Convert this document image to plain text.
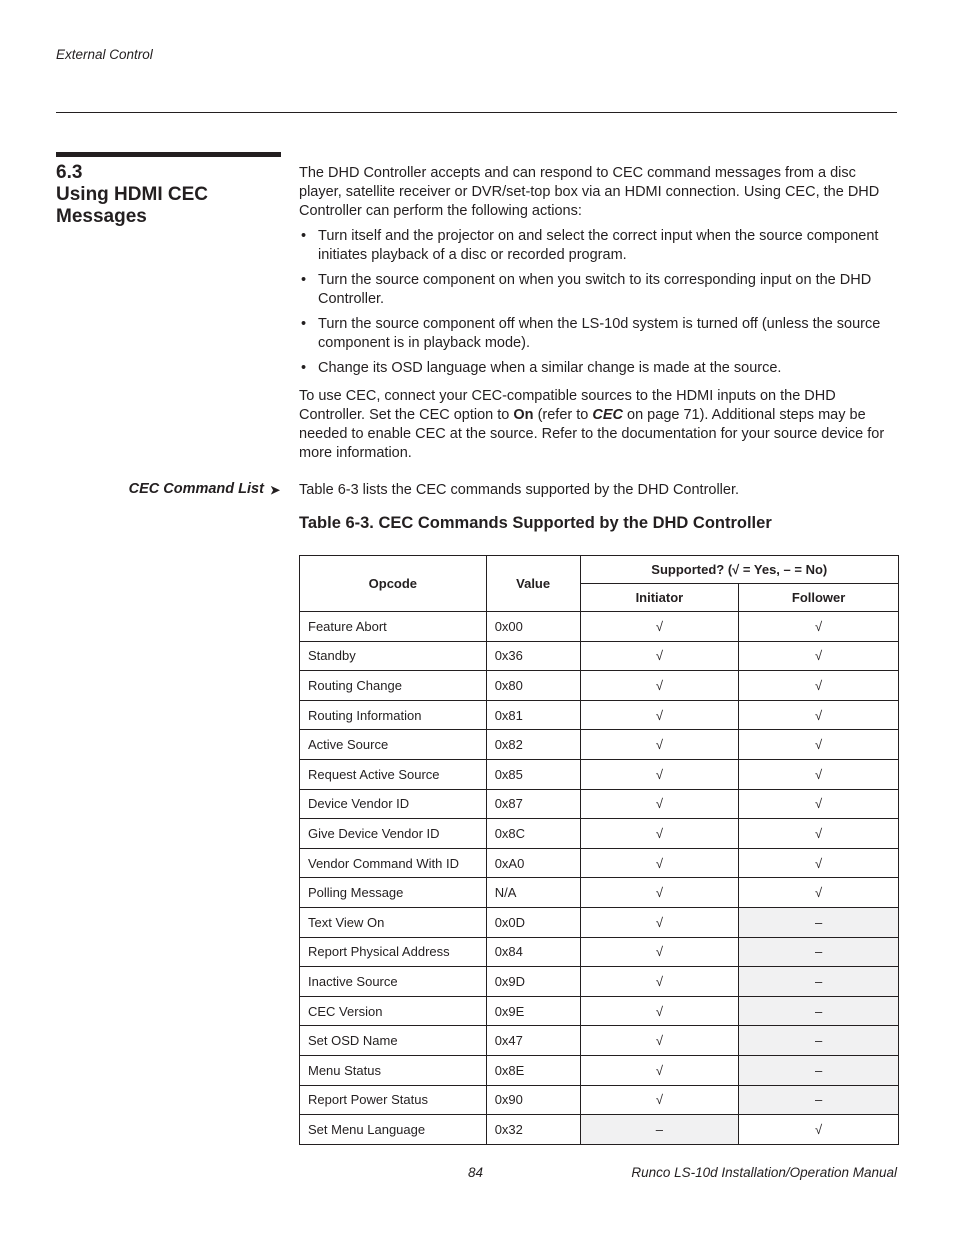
External Control
6.3
Using HDMI CEC Messages
The DHD Controller accepts and can respond to CEC command messages from a disc player, satellite receiver or DVR/set-top box via an HDMI connection. Using CEC, the DHD Controller can perform the following actions:
• Turn itself and the projector on and select the correct input when the source component initiates playback of a disc or recorded program.
• Turn the source component on when you switch to its corresponding input on the DHD Controller.
• Turn the source component off when the LS-10d system is turned off (unless the source component is in playback mode).
• Change its OSD language when a similar change is made at the source.
To use CEC, connect your CEC-compatible sources to the HDMI inputs on the DHD Controller. Set the CEC option to On (refer to CEC on page 71). Additional steps may be needed to enable CEC at the source. Refer to the documentation for your source device for more information.
CEC Command List ➤ Table 6-3 lists the CEC commands supported by the DHD Controller.
Table 6-3. CEC Commands Supported by the DHD Controller
Opcode	Value	Supported? (√ = Yes, – = No)	
		Initiator	Follower
Feature Abort	0x00	√	√
Standby	0x36	√	√
Routing Change	0x80	√	√
Routing Information	0x81	√	√
Active Source	0x82	√	√
Request Active Source	0x85	√	√
Device Vendor ID	0x87	√	√
Give Device Vendor ID	0x8C	√	√
Vendor Command With ID	0xA0	√	√
Polling Message	N/A	√	√
Text View On	0x0D	√	–
Report Physical Address	0x84	√	–
Inactive Source	0x9D	√	–
CEC Version	0x9E	√	–
Set OSD Name	0x47	√	–
Menu Status	0x8E	√	–
Report Power Status	0x90	√	–
Set Menu Language	0x32	–	√
84	Runco LS-10d Installation/Operation Manual
